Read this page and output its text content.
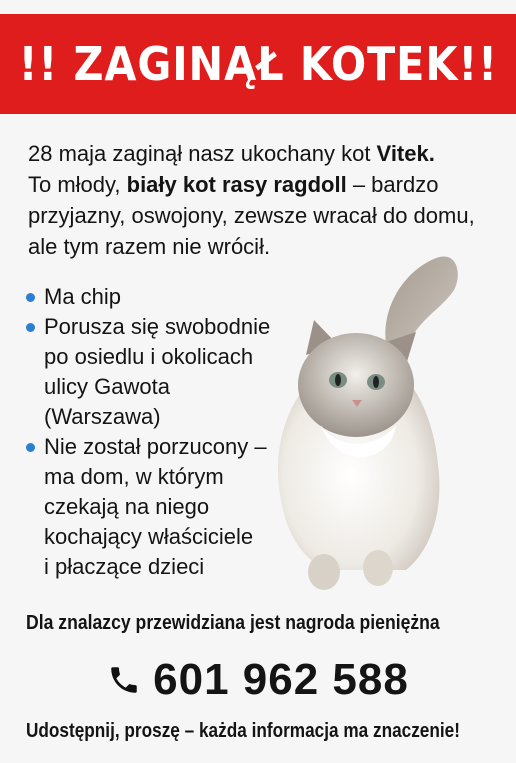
!! ZAGINĄŁ KOTEK!!
28 maja zaginął nasz ukochany kot Vitek.
To młody, biały kot rasy ragdoll – bardzo
przyjazny, oswojony, zewsze wracał do domu,
ale tym razem nie wrócił.
Ma chip
Porusza się swobodnie
po osiedlu i okolicach
ulicy Gawota
(Warszawa)
Nie został porzucony –
ma dom, w którym
czekają na niego
kochający właściciele
i płaczące dzieci
Dla znalazcy przewidziana jest nagroda pieniężna
601 962 588
Udostępnij, proszę – każda informacja ma znaczenie!
